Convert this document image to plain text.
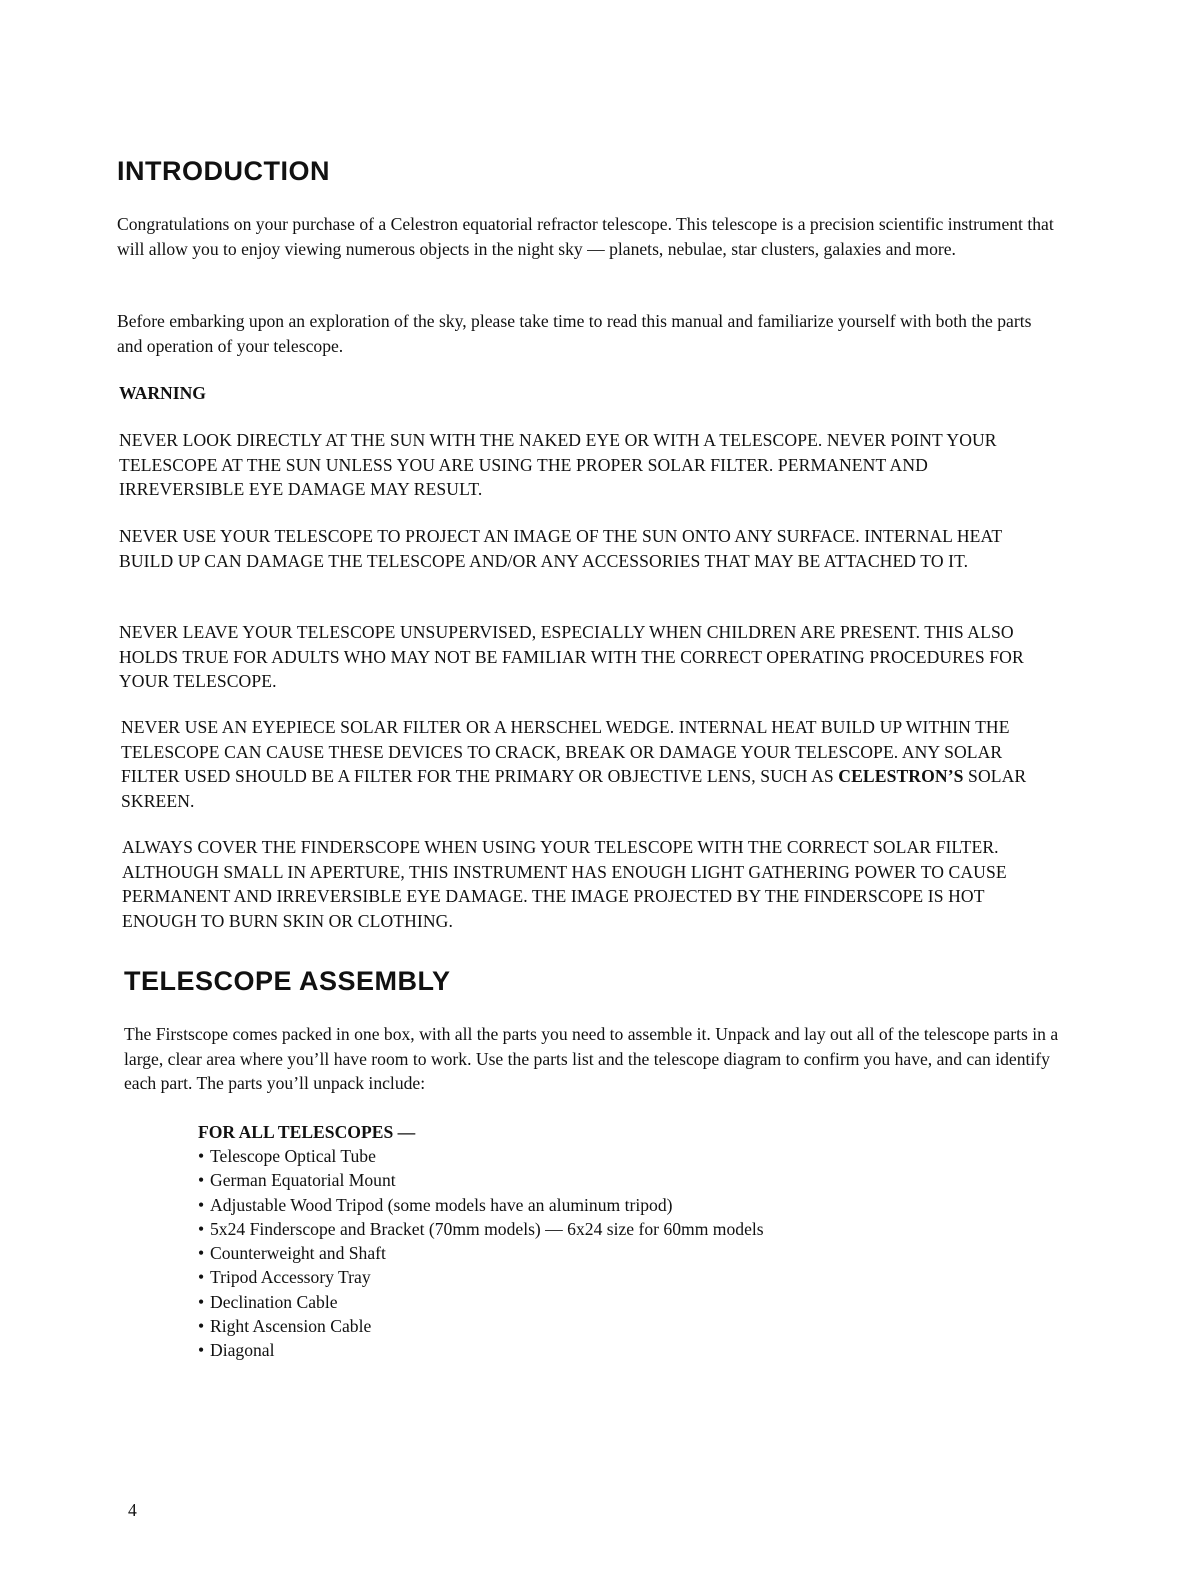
INTRODUCTION

Congratulations on your purchase of a Celestron equatorial refractor telescope. This telescope is a precision scientific instrument that will allow you to enjoy viewing numerous objects in the night sky — planets, nebulae, star clusters, galaxies and more.

Before embarking upon an exploration of the sky, please take time to read this manual and familiarize yourself with both the parts and operation of your telescope.

WARNING

NEVER LOOK DIRECTLY AT THE SUN WITH THE NAKED EYE OR WITH A TELESCOPE. NEVER POINT YOUR TELESCOPE AT THE SUN UNLESS YOU ARE USING THE PROPER SOLAR FILTER. PERMANENT AND IRREVERSIBLE EYE DAMAGE MAY RESULT.

NEVER USE YOUR TELESCOPE TO PROJECT AN IMAGE OF THE SUN ONTO ANY SURFACE. INTERNAL HEAT BUILD UP CAN DAMAGE THE TELESCOPE AND/OR ANY ACCESSORIES THAT MAY BE ATTACHED TO IT.

NEVER LEAVE YOUR TELESCOPE UNSUPERVISED, ESPECIALLY WHEN CHILDREN ARE PRESENT. THIS ALSO HOLDS TRUE FOR ADULTS WHO MAY NOT BE FAMILIAR WITH THE CORRECT OPERATING PROCEDURES FOR YOUR TELESCOPE.

NEVER USE AN EYEPIECE SOLAR FILTER OR A HERSCHEL WEDGE. INTERNAL HEAT BUILD UP WITHIN THE TELESCOPE CAN CAUSE THESE DEVICES TO CRACK, BREAK OR DAMAGE YOUR TELESCOPE. ANY SOLAR FILTER USED SHOULD BE A FILTER FOR THE PRIMARY OR OBJECTIVE LENS, SUCH AS CELESTRON’S SOLAR SKREEN.

ALWAYS COVER THE FINDERSCOPE WHEN USING YOUR TELESCOPE WITH THE CORRECT SOLAR FILTER. ALTHOUGH SMALL IN APERTURE, THIS INSTRUMENT HAS ENOUGH LIGHT GATHERING POWER TO CAUSE PERMANENT AND IRREVERSIBLE EYE DAMAGE. THE IMAGE PROJECTED BY THE FINDERSCOPE IS HOT ENOUGH TO BURN SKIN OR CLOTHING.

TELESCOPE ASSEMBLY

The Firstscope comes packed in one box, with all the parts you need to assemble it. Unpack and lay out all of the telescope parts in a large, clear area where you’ll have room to work. Use the parts list and the telescope diagram to confirm you have, and can identify each part. The parts you’ll unpack include:

FOR ALL TELESCOPES —

• Telescope Optical Tube
• German Equatorial Mount
• Adjustable Wood Tripod (some models have an aluminum tripod)
• 5x24 Finderscope and Bracket (70mm models) — 6x24 size for 60mm models
• Counterweight and Shaft
• Tripod Accessory Tray
• Declination Cable
• Right Ascension Cable
• Diagonal
4
